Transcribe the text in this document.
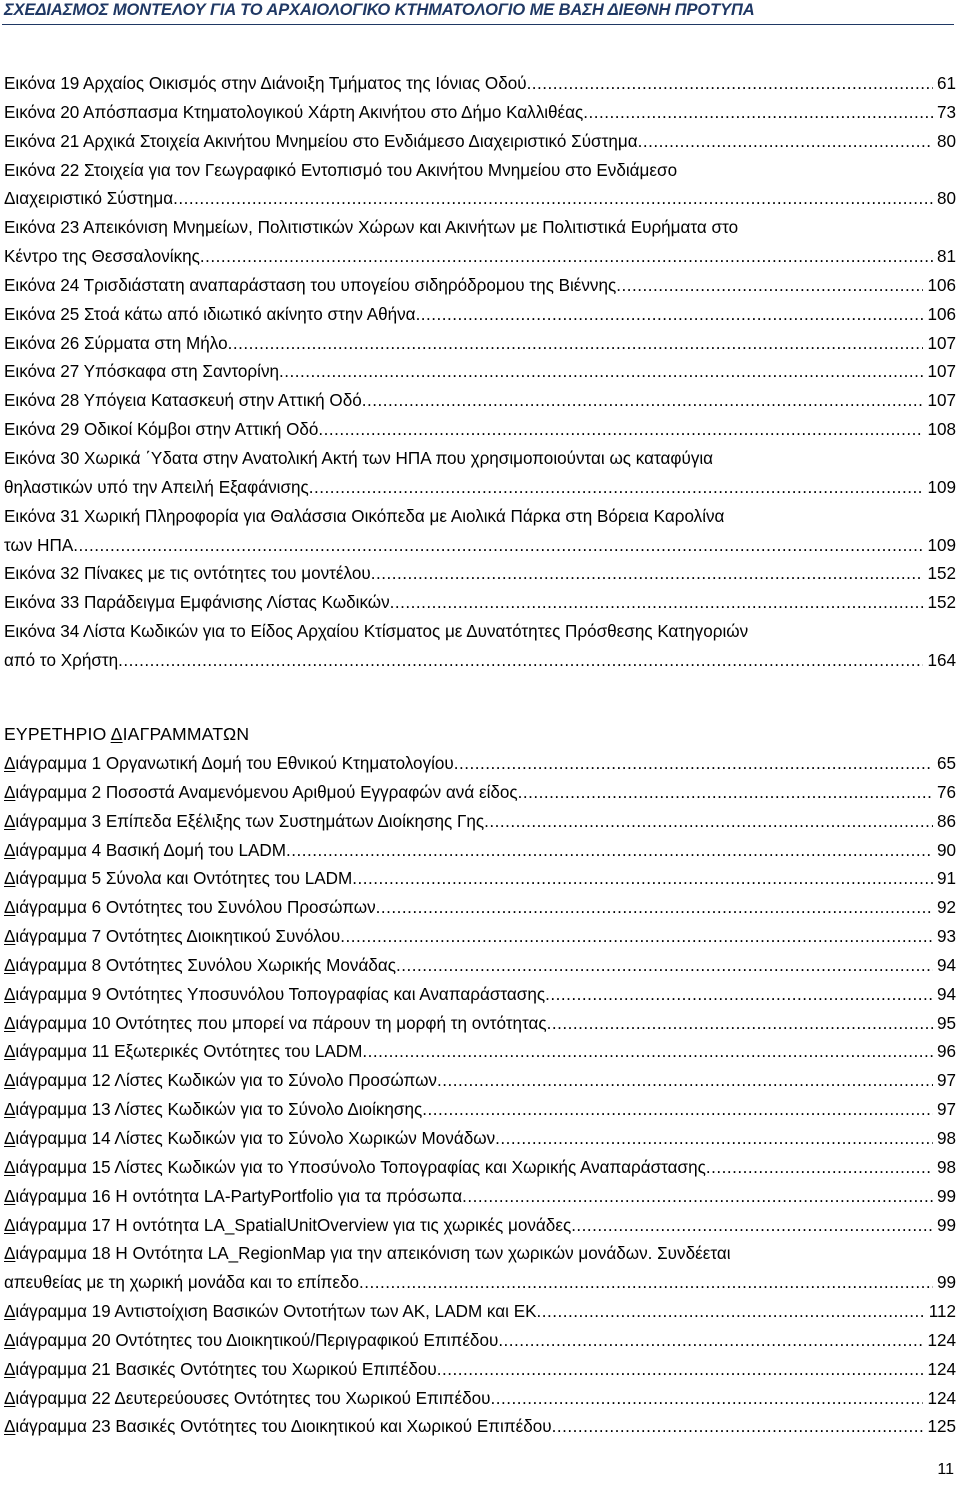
ΣΧΕΔΙΑΣΜΟΣ ΜΟΝΤΕΛΟΥ ΓΙΑ ΤΟ ΑΡΧΑΙΟΛΟΓΙΚΟ ΚΤΗΜΑΤΟΛΟΓΙΟ ΜΕ ΒΑΣΗ ΔΙΕΘΝΗ ΠΡΟΤΥΠΑ
Εικόνα 19 Αρχαίος Οικισμός στην Διάνοιξη Τμήματος της Ιόνιας Οδού .....	61
Εικόνα 20 Απόσπασμα Κτηματολογικού Χάρτη Ακινήτου στο Δήμο Καλλιθέας .....	73
Εικόνα 21 Αρχικά Στοιχεία Ακινήτου Μνημείου στο Ενδιάμεσο Διαχειριστικό Σύστημα .....	80
Εικόνα 22 Στοιχεία για τον Γεωγραφικό Εντοπισμό του Ακινήτου Μνημείου στο Ενδιάμεσο
Διαχειριστικό Σύστημα .....	80
Εικόνα 23 Απεικόνιση Μνημείων, Πολιτιστικών Χώρων και Ακινήτων με Πολιτιστικά Ευρήματα στο
Κέντρο της Θεσσαλονίκης .....	81
Εικόνα 24 Τρισδιάστατη αναπαράσταση του υπογείου σιδηρόδρομου της Βιέννης .....	106
Εικόνα 25 Στοά κάτω από ιδιωτικό ακίνητο στην Αθήνα .....	106
Εικόνα 26 Σύρματα στη Μήλο .....	107
Εικόνα 27 Υπόσκαφα στη Σαντορίνη .....	107
Εικόνα 28 Υπόγεια Κατασκευή στην Αττική Οδό .....	107
Εικόνα 29 Οδικοί Κόμβοι στην Αττική Οδό .....	108
Εικόνα 30 Χωρικά ΄Υδατα στην Ανατολική Ακτή των ΗΠΑ που χρησιμοποιούνται ως καταφύγια
θηλαστικών υπό την Απειλή Εξαφάνισης .....	109
Εικόνα 31 Χωρική Πληροφορία για Θαλάσσια Οικόπεδα με Αιολικά Πάρκα στη Βόρεια Καρολίνα
των ΗΠΑ .....	109
Εικόνα 32 Πίνακες με τις οντότητες του μοντέλου .....	152
Εικόνα 33 Παράδειγμα Εμφάνισης Λίστας Κωδικών .....	152
Εικόνα 34 Λίστα Κωδικών για το Είδος Αρχαίου Κτίσματος με Δυνατότητες Πρόσθεσης Κατηγοριών
από το Χρήστη .....	164
ΕΥΡΕΤΗΡΙΟ ΔΙΑΓΡΑΜΜΑΤΩΝ
Διάγραμμα 1 Οργανωτική Δομή του Εθνικού Κτηματολογίου .....	65
Διάγραμμα 2 Ποσοστά Αναμενόμενου Αριθμού Εγγραφών ανά είδος .....	76
Διάγραμμα 3 Επίπεδα Εξέλιξης των Συστημάτων Διοίκησης Γης .....	86
Διάγραμμα 4 Βασική Δομή του LADM .....	90
Διάγραμμα 5 Σύνολα και Οντότητες του LADM .....	91
Διάγραμμα 6 Οντότητες του Συνόλου Προσώπων .....	92
Διάγραμμα 7 Οντότητες Διοικητικού Συνόλου .....	93
Διάγραμμα 8 Οντότητες Συνόλου Χωρικής Μονάδας .....	94
Διάγραμμα 9 Οντότητες Υποσυνόλου Τοπογραφίας και Αναπαράστασης .....	94
Διάγραμμα 10 Οντότητες που μπορεί να πάρουν τη μορφή τη οντότητας .....	95
Διάγραμμα 11 Εξωτερικές Οντότητες του LADM .....	96
Διάγραμμα 12 Λίστες Κωδικών για το Σύνολο Προσώπων .....	97
Διάγραμμα 13 Λίστες Κωδικών για το Σύνολο Διοίκησης .....	97
Διάγραμμα 14 Λίστες Κωδικών για το Σύνολο Χωρικών Μονάδων .....	98
Διάγραμμα 15 Λίστες Κωδικών για το Υποσύνολο Τοπογραφίας και Χωρικής Αναπαράστασης .....	98
Διάγραμμα 16 Η οντότητα LA-PartyPortfolio για τα πρόσωπα .....	99
Διάγραμμα 17 Η οντότητα LA_SpatialUnitOverview για τις χωρικές μονάδες .....	99
Διάγραμμα 18 Η Οντότητα LA_RegionMap για την απεικόνιση των χωρικών μονάδων. Συνδέεται
απευθείας με τη χωρική μονάδα και το επίπεδο .....	99
Διάγραμμα 19 Αντιστοίχιση Βασικών Οντοτήτων των ΑΚ, LADM και ΕΚ .....	112
Διάγραμμα 20 Οντότητες του Διοικητικού/Περιγραφικού Επιπέδου .....	124
Διάγραμμα 21 Βασικές Οντότητες του Χωρικού Επιπέδου .....	124
Διάγραμμα 22 Δευτερεύουσες Οντότητες του Χωρικού Επιπέδου .....	124
Διάγραμμα 23 Βασικές Οντότητες του Διοικητικού και Χωρικού Επιπέδου .....	125
11
